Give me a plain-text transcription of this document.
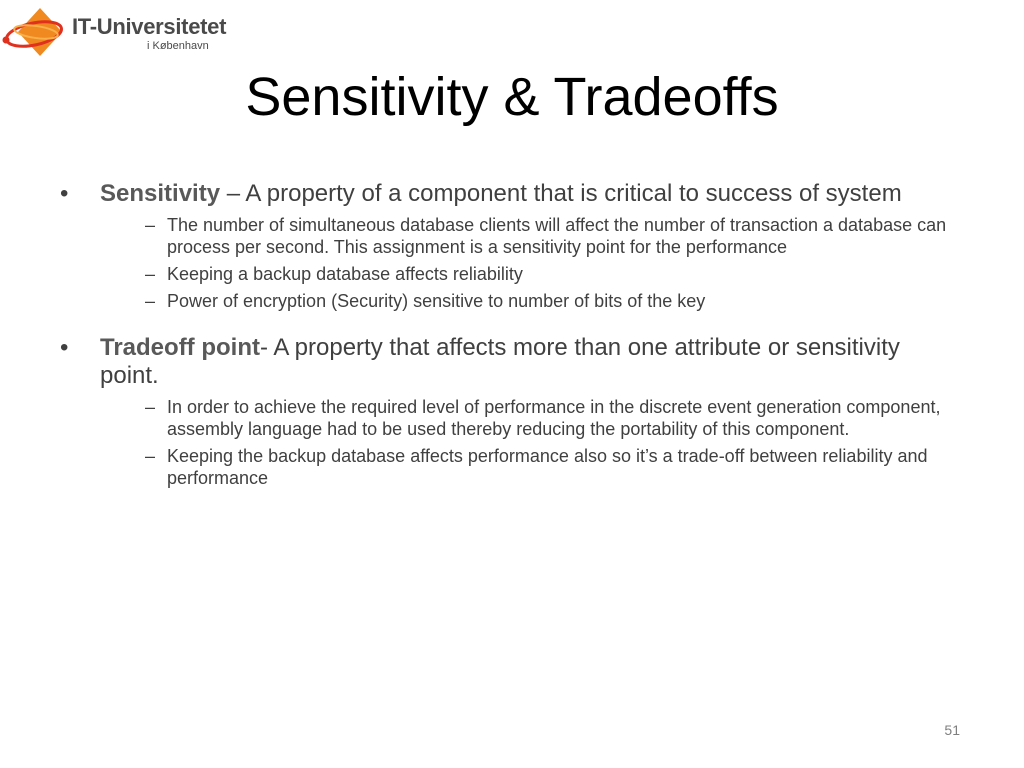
IT-Universitetet
i København
Sensitivity & Tradeoffs
•	Sensitivity – A property of a component that is critical to success of system
– The number of simultaneous database clients will affect the number of transaction a database can process per second. This assignment is a sensitivity point for the performance
– Keeping a backup database affects reliability
– Power of encryption (Security) sensitive to number of bits of the key
•	Tradeoff point- A property that affects more than one attribute or sensitivity point.
– In order to achieve the required level of performance in the discrete event generation component, assembly language had to be used thereby reducing the portability of this component.
– Keeping the backup database affects performance also so it’s a trade-off between reliability and performance
51
